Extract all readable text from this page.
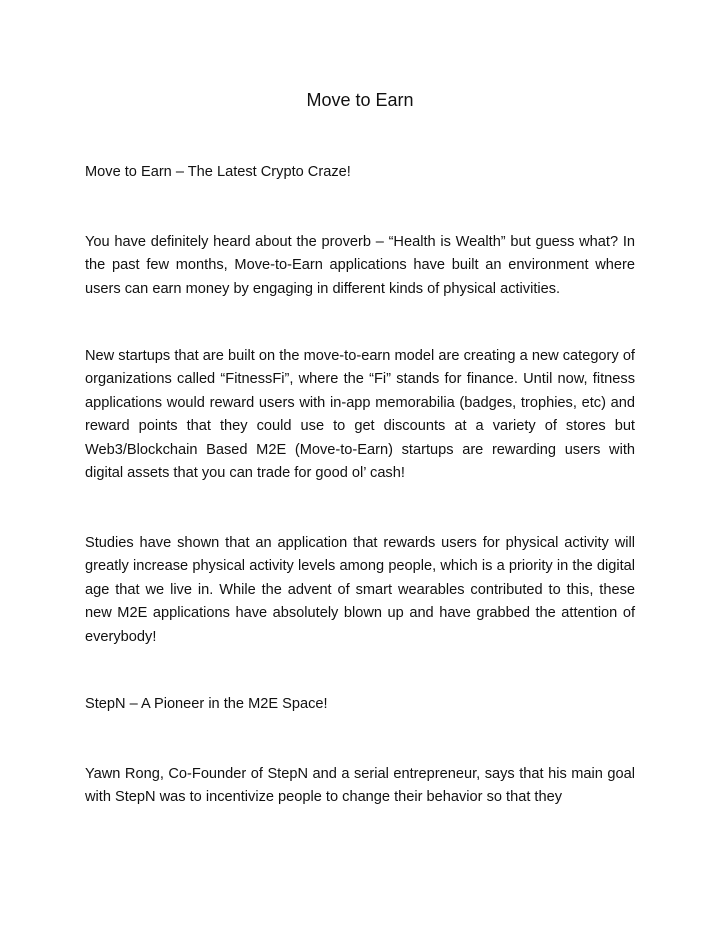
Move to Earn

Move to Earn – The Latest Crypto Craze!

You have definitely heard about the proverb – “Health is Wealth” but guess what? In the past few months, Move-to-Earn applications have built an environment where users can earn money by engaging in different kinds of physical activities.

New startups that are built on the move-to-earn model are creating a new category of organizations called “FitnessFi”, where the “Fi” stands for finance. Until now, fitness applications would reward users with in-app memorabilia (badges, trophies, etc) and reward points that they could use to get discounts at a variety of stores but Web3/Blockchain Based M2E (Move-to-Earn) startups are rewarding users with digital assets that you can trade for good ol’ cash!

Studies have shown that an application that rewards users for physical activity will greatly increase physical activity levels among people, which is a priority in the digital age that we live in. While the advent of smart wearables contributed to this, these new M2E applications have absolutely blown up and have grabbed the attention of everybody!

StepN – A Pioneer in the M2E Space!

Yawn Rong, Co-Founder of StepN and a serial entrepreneur, says that his main goal with StepN was to incentivize people to change their behavior so that they
